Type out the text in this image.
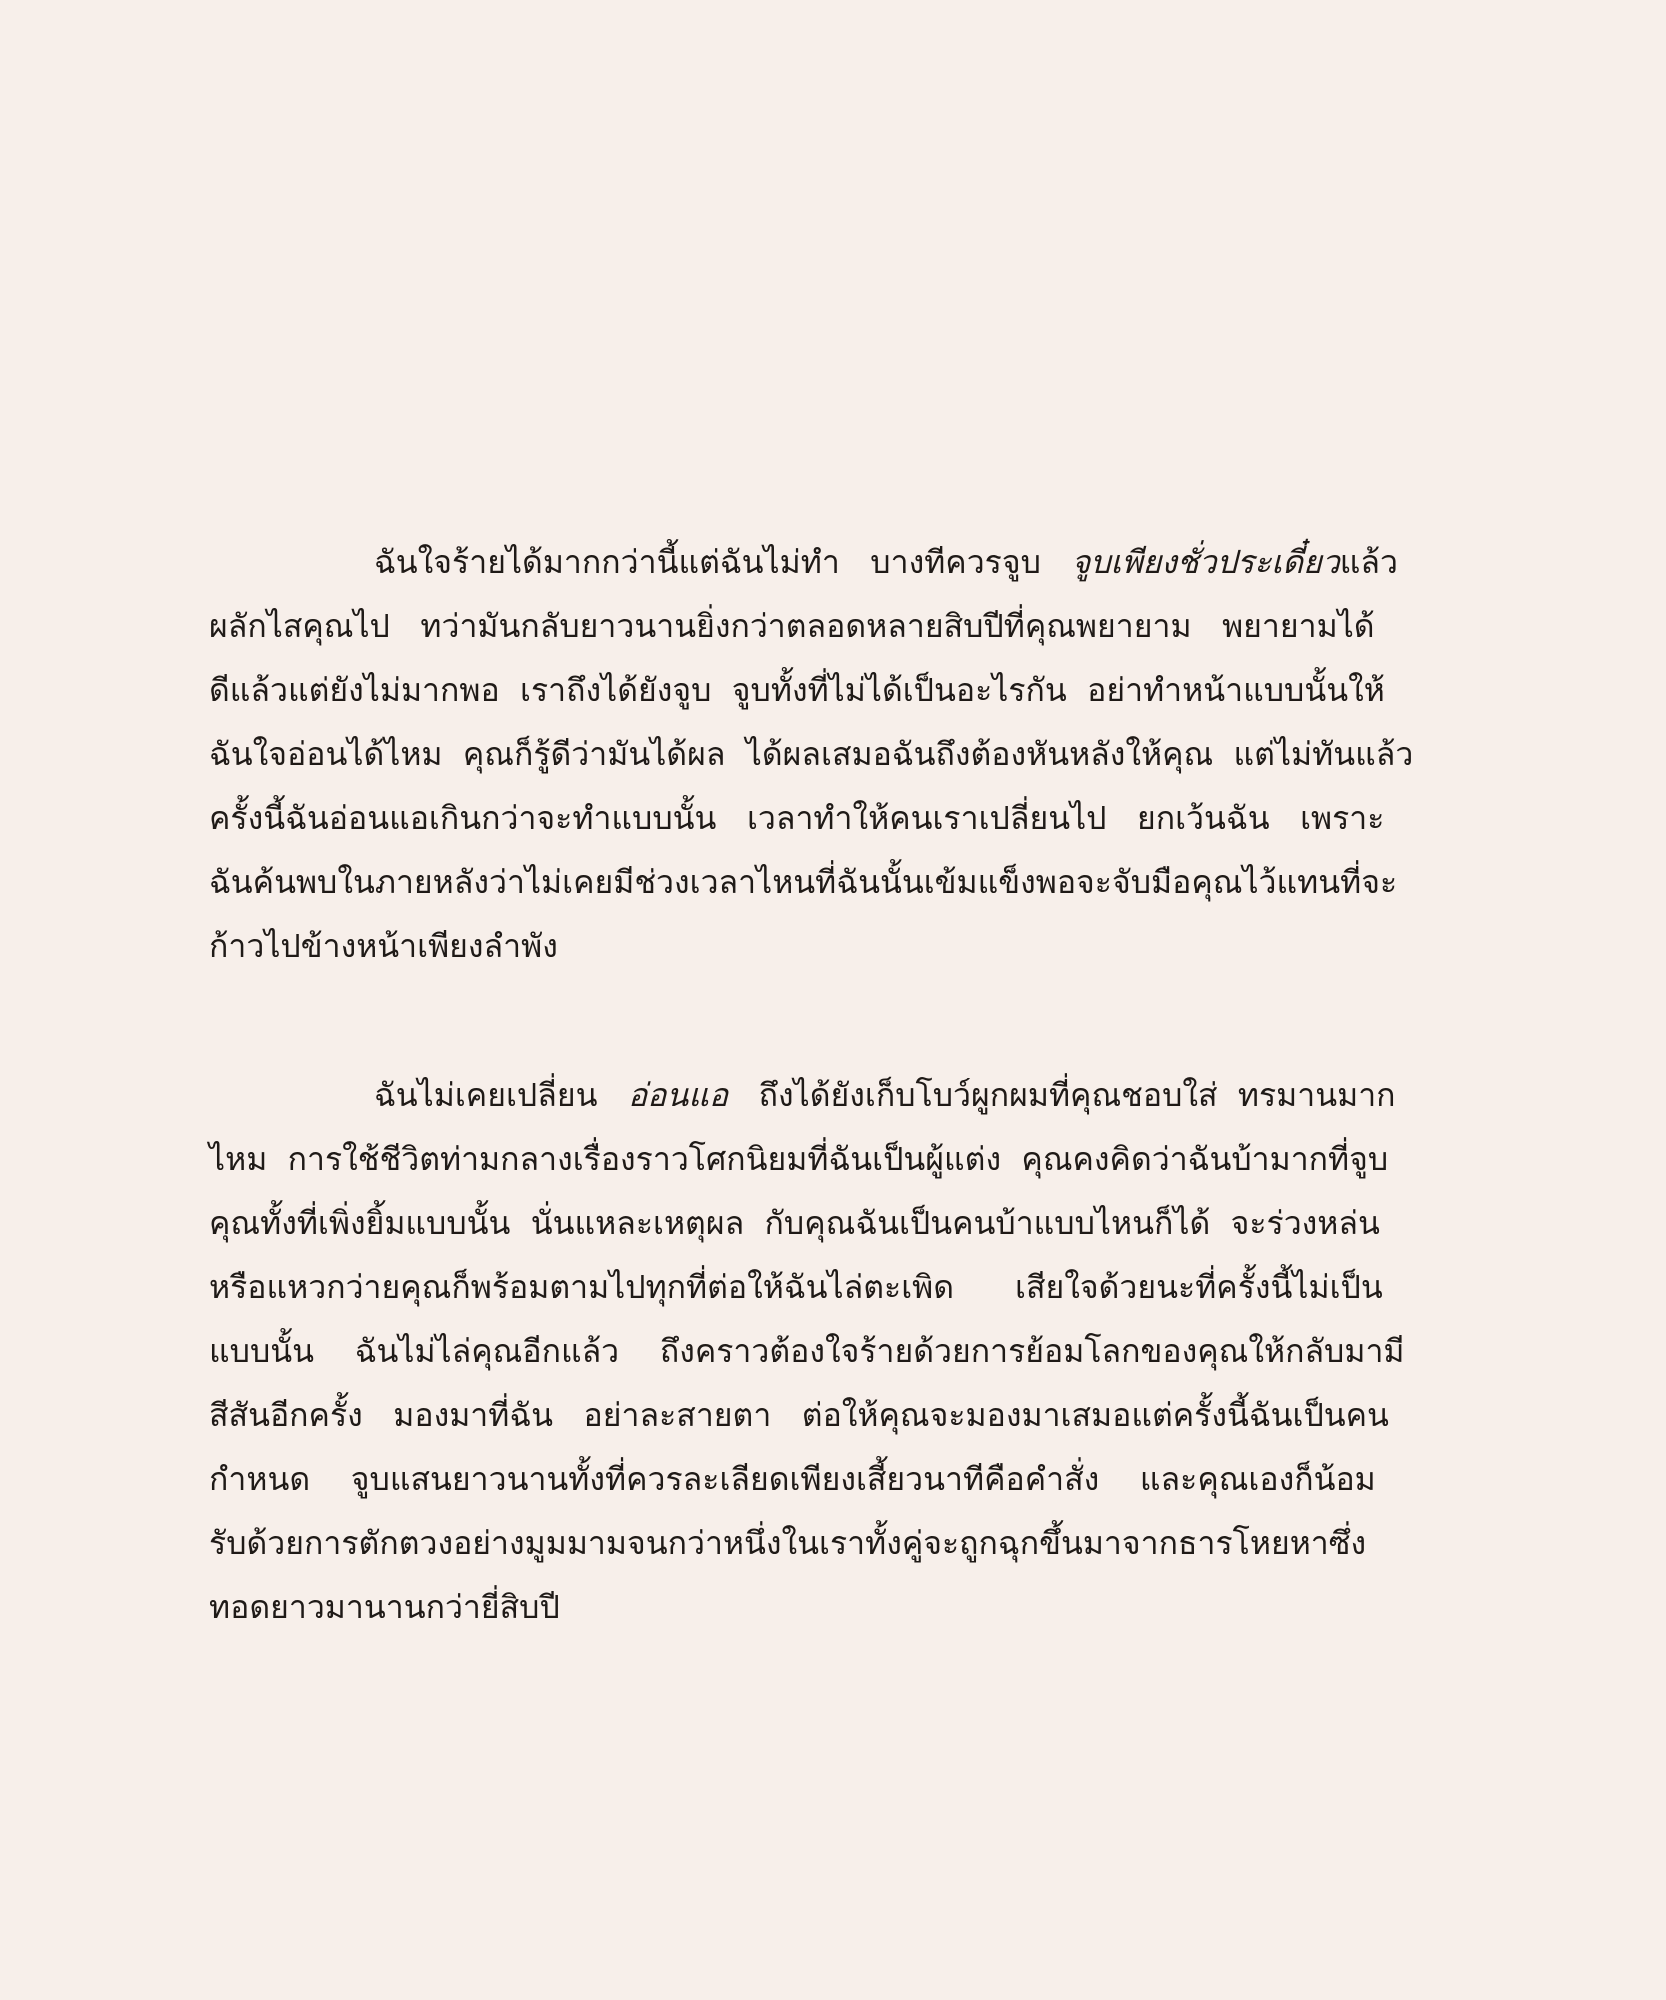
ฉันใจร้ายได้มากกว่านี้แต่ฉันไม่ทำ   บางทีควรจูบ   จูบเพียงชั่วประเดี๋ยวแล้ว
ผลักไสคุณไป   ทว่ามันกลับยาวนานยิ่งกว่าตลอดหลายสิบปีที่คุณพยายาม   พยายามได้
ดีแล้วแต่ยังไม่มากพอ  เราถึงได้ยังจูบ  จูบทั้งที่ไม่ได้เป็นอะไรกัน  อย่าทำหน้าแบบนั้นให้
ฉันใจอ่อนได้ไหม  คุณก็รู้ดีว่ามันได้ผล  ได้ผลเสมอฉันถึงต้องหันหลังให้คุณ  แต่ไม่ทันแล้ว
ครั้งนี้ฉันอ่อนแอเกินกว่าจะทำแบบนั้น   เวลาทำให้คนเราเปลี่ยนไป   ยกเว้นฉัน   เพราะ
ฉันค้นพบในภายหลังว่าไม่เคยมีช่วงเวลาไหนที่ฉันนั้นเข้มแข็งพอจะจับมือคุณไว้แทนที่จะ
ก้าวไปข้างหน้าเพียงลำพัง
ฉันไม่เคยเปลี่ยน   อ่อนแอ   ถึงได้ยังเก็บโบว์ผูกผมที่คุณชอบใส่  ทรมานมาก
ไหม  การใช้ชีวิตท่ามกลางเรื่องราวโศกนิยมที่ฉันเป็นผู้แต่ง  คุณคงคิดว่าฉันบ้ามากที่จูบ
คุณทั้งที่เพิ่งยิ้มแบบนั้น  นั่นแหละเหตุผล  กับคุณฉันเป็นคนบ้าแบบไหนก็ได้  จะร่วงหล่น
หรือแหวกว่ายคุณก็พร้อมตามไปทุกที่ต่อให้ฉันไล่ตะเพิด      เสียใจด้วยนะที่ครั้งนี้ไม่เป็น
แบบนั้น    ฉันไม่ไล่คุณอีกแล้ว    ถึงคราวต้องใจร้ายด้วยการย้อมโลกของคุณให้กลับมามี
สีสันอีกครั้ง   มองมาที่ฉัน   อย่าละสายตา   ต่อให้คุณจะมองมาเสมอแต่ครั้งนี้ฉันเป็นคน
กำหนด    จูบแสนยาวนานทั้งที่ควรละเลียดเพียงเสี้ยวนาทีคือคำสั่ง    และคุณเองก็น้อม
รับด้วยการตักตวงอย่างมูมมามจนกว่าหนึ่งในเราทั้งคู่จะถูกฉุกขึ้นมาจากธารโหยหาซึ่ง
ทอดยาวมานานกว่ายี่สิบปี
